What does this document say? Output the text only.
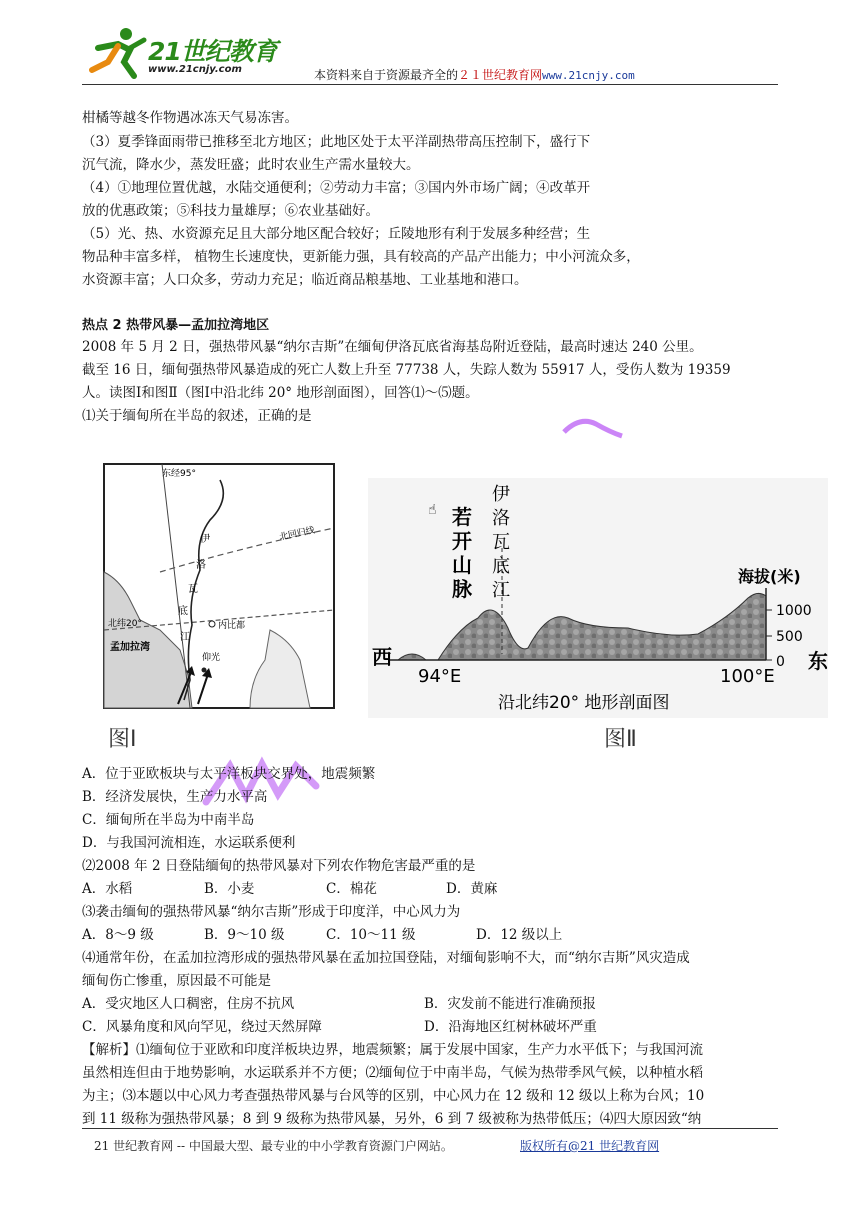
21世纪教育
www.21cnjy.com	本资料来自于资源最齐全的２１世纪教育网www.21cnjy.com
柑橘等越冬作物遇冰冻天气易冻害。
（3）夏季锋面雨带已推移至北方地区；此地区处于太平洋副热带高压控制下，盛行下
沉气流，降水少，蒸发旺盛；此时农业生产需水量较大。
（4）①地理位置优越，水陆交通便利；②劳动力丰富；③国内外市场广阔；④改革开
放的优惠政策；⑤科技力量雄厚；⑥农业基础好。
（5）光、热、水资源充足且大部分地区配合较好；丘陵地形有利于发展多种经营；生
物品种丰富多样， 植物生长速度快，更新能力强，具有较高的产品产出能力；中小河流众多，
水资源丰富；人口众多，劳动力充足；临近商品粮基地、工业基地和港口。
热点 2 热带风暴—孟加拉湾地区
2008 年 5 月 2 日，强热带风暴“纳尔吉斯”在缅甸伊洛瓦底省海基岛附近登陆，最高时速达 240 公里。
截至 16 日，缅甸强热带风暴造成的死亡人数上升至 77738 人，失踪人数为 55917 人，受伤人数为 19359
人。读图Ⅰ和图Ⅱ（图Ⅰ中沿北纬 20° 地形剖面图），回答⑴～⑸题。
⑴关于缅甸所在半岛的叙述，正确的是
东经95°
北回归线
北纬20°
孟加拉湾
伊
洛
瓦
底
江
内比都
仰光
图Ⅰ
☝ 若
开
山
脉
伊
洛
瓦
底
江
海拔(米)
1000
500
0
西	东
94°E	100°E
沿北纬20° 地形剖面图
图Ⅱ
A．位于亚欧板块与太平洋板块交界处，地震频繁
B．经济发展快，生产力水平高
C．缅甸所在半岛为中南半岛
D．与我国河流相连，水运联系便利
⑵2008 年 2 日登陆缅甸的热带风暴对下列农作物危害最严重的是
A．水稻	B．小麦	C．棉花	D．黄麻
⑶袭击缅甸的强热带风暴“纳尔吉斯”形成于印度洋，中心风力为
A．8～9 级	B．9～10 级	C．10～11 级	D．12 级以上
⑷通常年份，在孟加拉湾形成的强热带风暴在孟加拉国登陆，对缅甸影响不大，而“纳尔吉斯”风灾造成
缅甸伤亡惨重，原因最不可能是
A．受灾地区人口稠密，住房不抗风	B．灾发前不能进行准确预报
C．风暴角度和风向罕见，绕过天然屏障	D．沿海地区红树林破坏严重
【解析】⑴缅甸位于亚欧和印度洋板块边界，地震频繁；属于发展中国家，生产力水平低下；与我国河流
虽然相连但由于地势影响，水运联系并不方便；⑵缅甸位于中南半岛，气候为热带季风气候，以种植水稻
为主；⑶本题以中心风力考查强热带风暴与台风等的区别，中心风力在 12 级和 12 级以上称为台风；10
到 11 级称为强热带风暴；8 到 9 级称为热带风暴，另外，6 到 7 级被称为热带低压；⑷四大原因致“纳
21 世纪教育网 -- 中国最大型、最专业的中小学教育资源门户网站。	版权所有@21 世纪教育网
